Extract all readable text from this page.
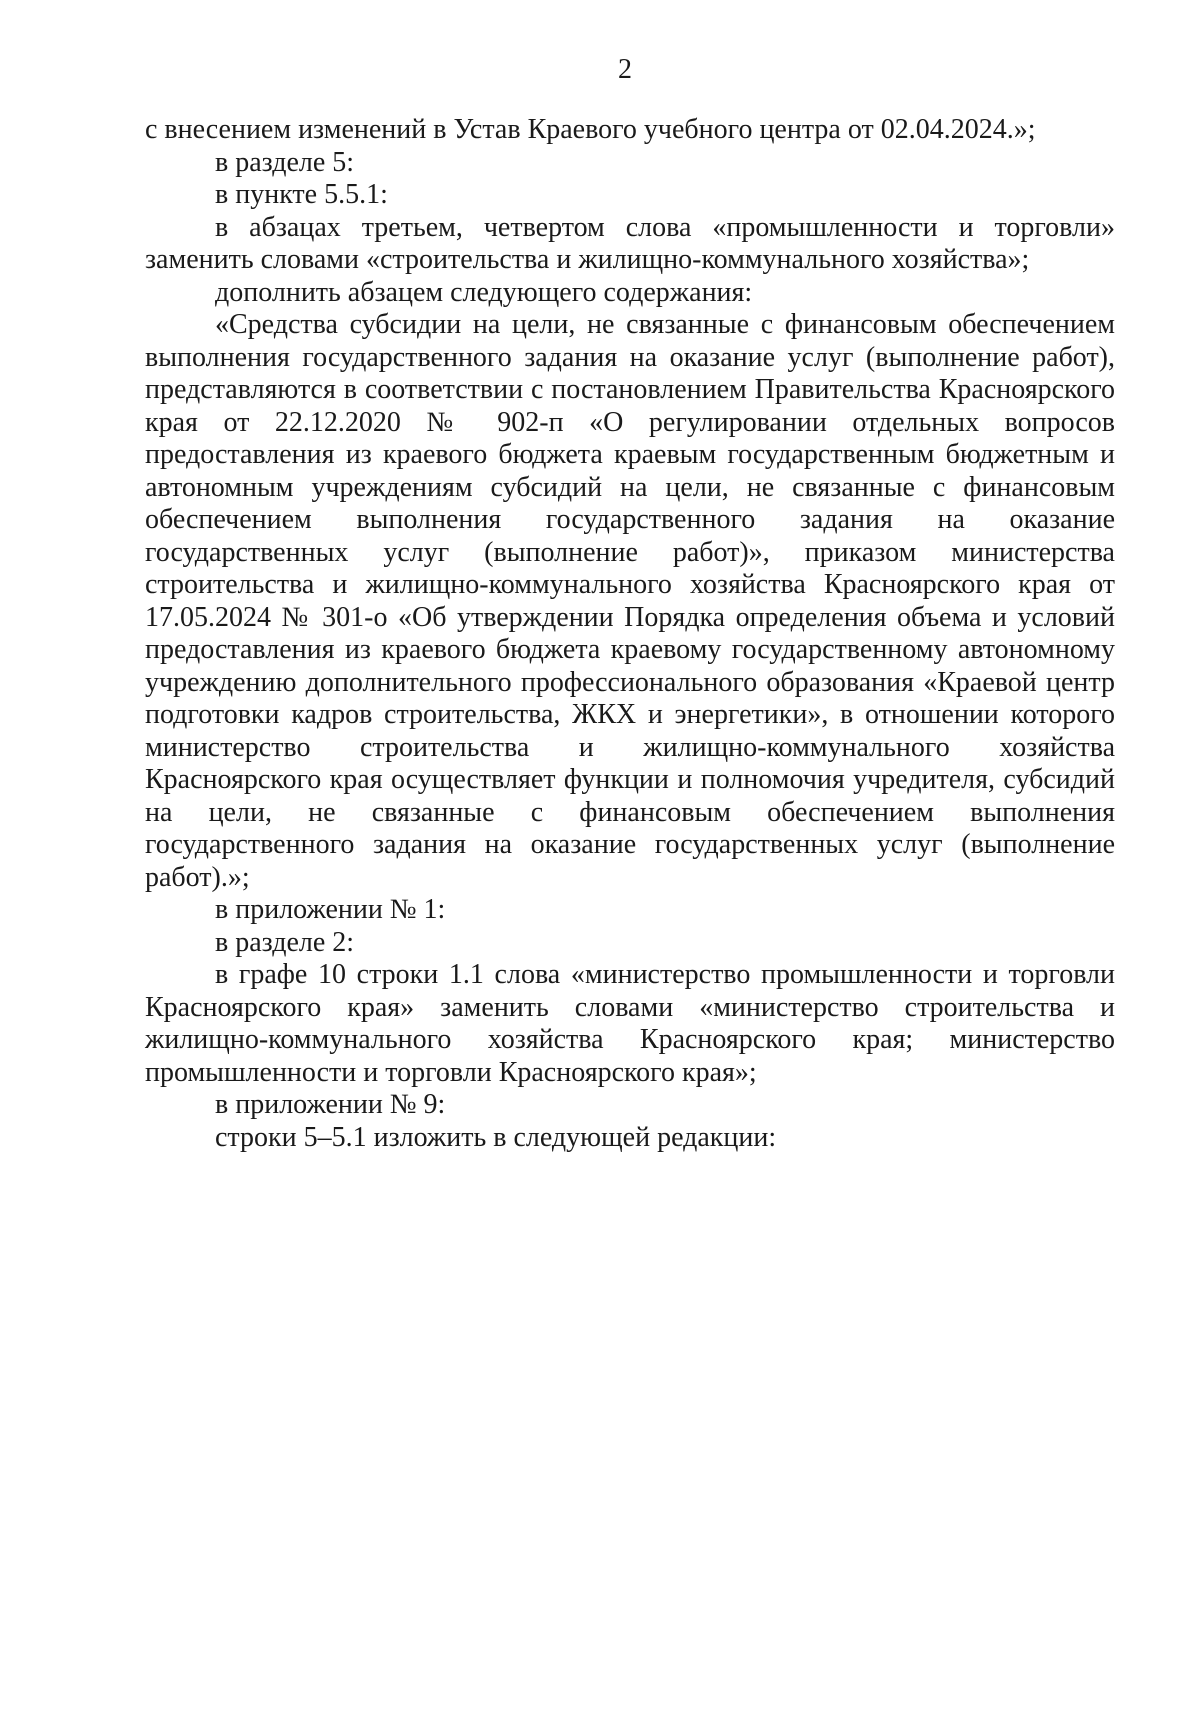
2

с внесением изменений в Устав Краевого учебного центра от 02.04.2024.»;

в разделе 5:

в пункте 5.5.1:

в абзацах третьем, четвертом слова «промышленности и торговли» заменить словами «строительства и жилищно-коммунального хозяйства»;

дополнить абзацем следующего содержания:

«Средства субсидии на цели, не связанные с финансовым обеспечением выполнения государственного задания на оказание услуг (выполнение работ), представляются в соответствии с постановлением Правительства Красноярского края от 22.12.2020 № 902-п «О регулировании отдельных вопросов предоставления из краевого бюджета краевым государственным бюджетным и автономным учреждениям субсидий на цели, не связанные с финансовым обеспечением выполнения государственного задания на оказание государственных услуг (выполнение работ)», приказом министерства строительства и жилищно-коммунального хозяйства Красноярского края от 17.05.2024 № 301-о «Об утверждении Порядка определения объема и условий предоставления из краевого бюджета краевому государственному автономному учреждению дополнительного профессионального образования «Краевой центр подготовки кадров строительства, ЖКХ и энергетики», в отношении которого министерство строительства и жилищно-коммунального хозяйства Красноярского края осуществляет функции и полномочия учредителя, субсидий на цели, не связанные с финансовым обеспечением выполнения государственного задания на оказание государственных услуг (выполнение работ).»;

в приложении № 1:

в разделе 2:

в графе 10 строки 1.1 слова «министерство промышленности и торговли Красноярского края» заменить словами «министерство строительства и жилищно-коммунального хозяйства Красноярского края; министерство промышленности и торговли Красноярского края»;

в приложении № 9:

строки 5–5.1 изложить в следующей редакции:
